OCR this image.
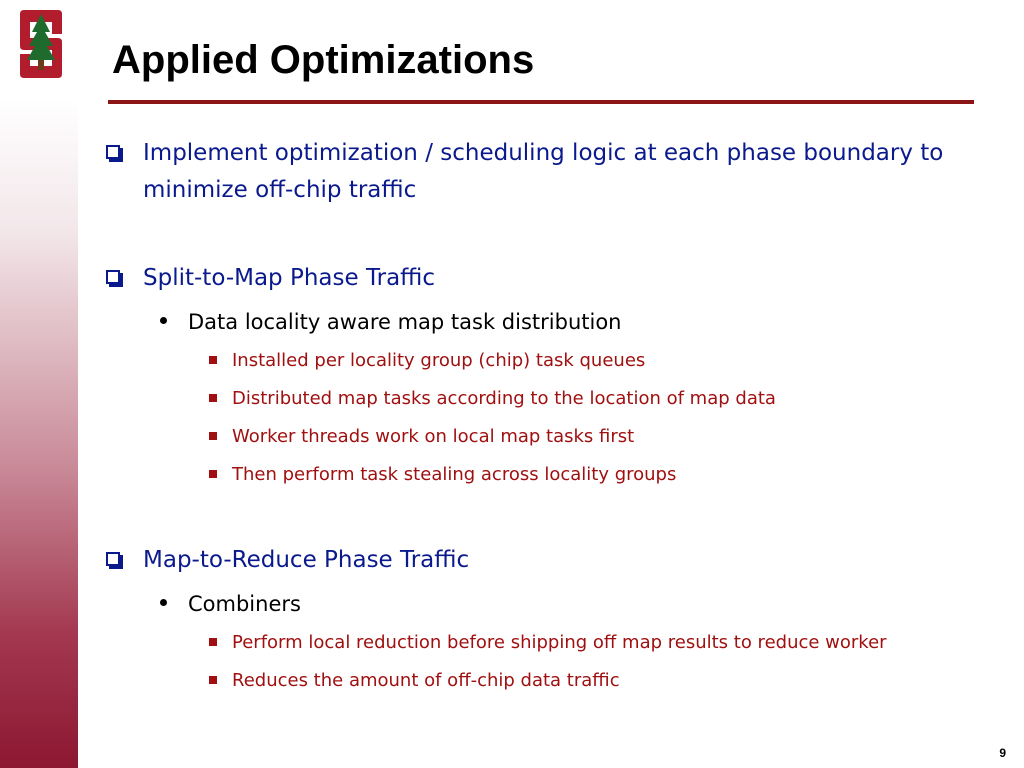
Applied Optimizations
Implement optimization / scheduling logic at each phase boundary to minimize off-chip traffic
Split-to-Map Phase Traffic
Data locality aware map task distribution
Installed per locality group (chip) task queues
Distributed map tasks according to the location of map data
Worker threads work on local map tasks first
Then perform task stealing across locality groups
Map-to-Reduce Phase Traffic
Combiners
Perform local reduction before shipping off map results to reduce worker
Reduces the amount of off-chip data traffic
9
